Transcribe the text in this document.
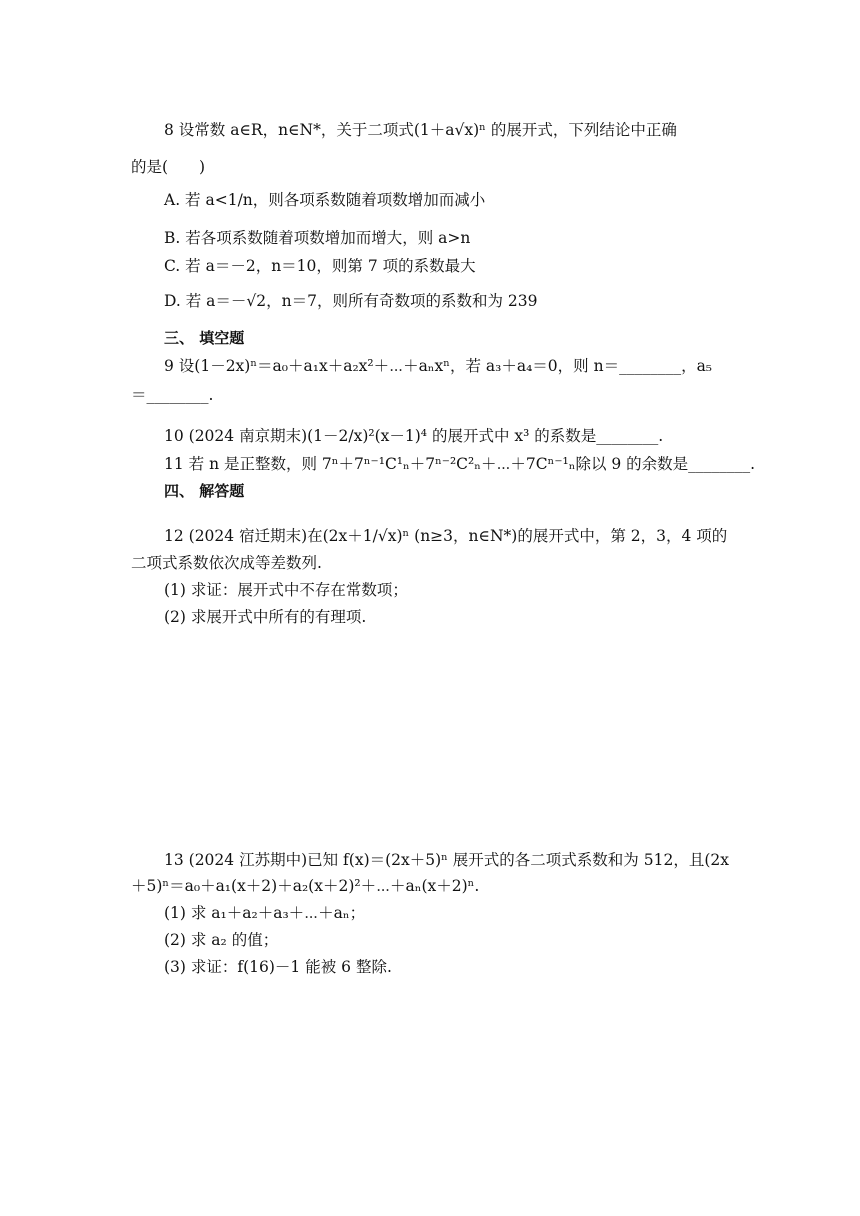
8 设常数 a∈R，n∈N*，关于二项式(1＋a√x)ⁿ 的展开式，下列结论中正确
的是(　　)
A. 若 a<1/n，则各项系数随着项数增加而减小
B. 若各项系数随着项数增加而增大，则 a>n
C. 若 a＝－2，n＝10，则第 7 项的系数最大
D. 若 a＝－√2，n＝7，则所有奇数项的系数和为 239
三、 填空题
9 设(1－2x)ⁿ＝a₀＋a₁x＋a₂x²＋⋯＋aₙxⁿ，若 a₃＋a₄＝0，则 n＝________，a₅
＝________.
10 (2024 南京期末)(1－2/x)²(x－1)⁴ 的展开式中 x³ 的系数是________.
11 若 n 是正整数，则 7ⁿ＋7ⁿ⁻¹C¹ₙ＋7ⁿ⁻²C²ₙ＋⋯＋7Cⁿ⁻¹ₙ除以 9 的余数是________.
四、 解答题
12 (2024 宿迁期末)在(2x＋1/√x)ⁿ (n≥3，n∈N*)的展开式中，第 2，3，4 项的
二项式系数依次成等差数列.
(1) 求证：展开式中不存在常数项；
(2) 求展开式中所有的有理项.
13 (2024 江苏期中)已知 f(x)＝(2x＋5)ⁿ 展开式的各二项式系数和为 512，且(2x
＋5)ⁿ＝a₀＋a₁(x＋2)＋a₂(x＋2)²＋⋯＋aₙ(x＋2)ⁿ.
(1) 求 a₁＋a₂＋a₃＋⋯＋aₙ；
(2) 求 a₂ 的值；
(3) 求证：f(16)－1 能被 6 整除.
